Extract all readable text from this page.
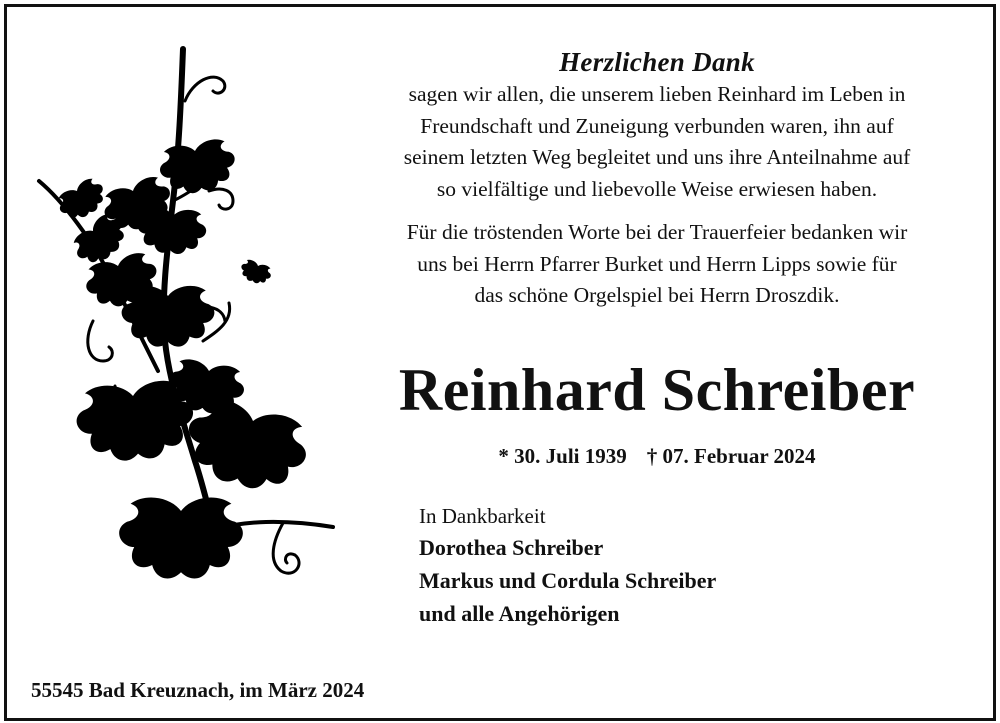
Herzlichen Dank

sagen wir allen, die unserem lieben Reinhard im Leben in

Freundschaft und Zuneigung verbunden waren, ihn auf

seinem letzten Weg begleitet und uns ihre Anteilnahme auf

so vielfältige und liebevolle Weise erwiesen haben.

Für die tröstenden Worte bei der Trauerfeier bedanken wir

uns bei Herrn Pfarrer Burket und Herrn Lipps sowie für

das schöne Orgelspiel bei Herrn Droszdik.

Reinhard Schreiber
* 30. Juli 1939 † 07. Februar 2024

In Dankbarkeit

Dorothea Schreiber

Markus und Cordula Schreiber

und alle Angehörigen

55545 Bad Kreuznach, im März 2024
